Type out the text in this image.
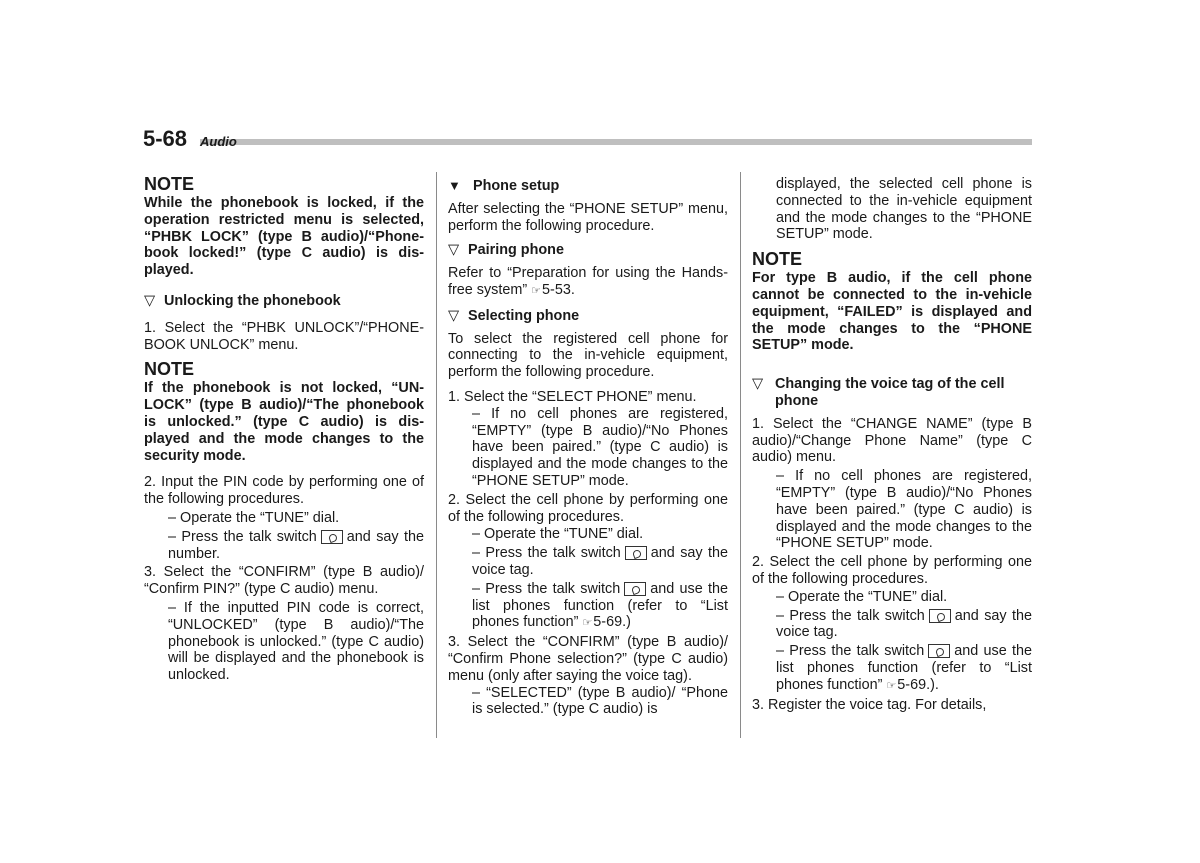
5-68 Audio
NOTE
While the phonebook is locked, if the operation restricted menu is selected, “PHBK LOCK” (type B audio)/“Phone-book locked!” (type C audio) is dis-played.
▽ Unlocking the phonebook
1. Select the “PHBK UNLOCK”/“PHONE-BOOK UNLOCK” menu.
NOTE
If the phonebook is not locked, “UN-LOCK” (type B audio)/“The phonebook is unlocked.” (type C audio) is dis-played and the mode changes to the security mode.
2. Input the PIN code by performing one of the following procedures.
– Operate the “TUNE” dial.
– Press the talk switch and say the number.
3. Select the “CONFIRM” (type B audio)/ “Confirm PIN?” (type C audio) menu.
– If the inputted PIN code is correct, “UNLOCKED” (type B audio)/“The phonebook is unlocked.” (type C audio) will be displayed and the phonebook is unlocked.
▼ Phone setup
After selecting the “PHONE SETUP” menu, perform the following procedure.
▽ Pairing phone
Refer to “Preparation for using the Hands-free system” ☞5-53.
▽ Selecting phone
To select the registered cell phone for connecting to the in-vehicle equipment, perform the following procedure.
1. Select the “SELECT PHONE” menu.
– If no cell phones are registered, “EMPTY” (type B audio)/“No Phones have been paired.” (type C audio) is displayed and the mode changes to the “PHONE SETUP” mode.
2. Select the cell phone by performing one of the following procedures.
– Operate the “TUNE” dial.
– Press the talk switch and say the voice tag.
– Press the talk switch and use the list phones function (refer to “List phones function” ☞5-69.)
3. Select the “CONFIRM” (type B audio)/ “Confirm Phone selection?” (type C audio) menu (only after saying the voice tag).
– “SELECTED” (type B audio)/ “Phone is selected.” (type C audio) is
displayed, the selected cell phone is connected to the in-vehicle equipment and the mode changes to the “PHONE SETUP” mode.
NOTE
For type B audio, if the cell phone cannot be connected to the in-vehicle equipment, “FAILED” is displayed and the mode changes to the “PHONE SETUP” mode.
▽ Changing the voice tag of the cell phone
1. Select the “CHANGE NAME” (type B audio)/“Change Phone Name” (type C audio) menu.
– If no cell phones are registered, “EMPTY” (type B audio)/“No Phones have been paired.” (type C audio) is displayed and the mode changes to the “PHONE SETUP” mode.
2. Select the cell phone by performing one of the following procedures.
– Operate the “TUNE” dial.
– Press the talk switch and say the voice tag.
– Press the talk switch and use the list phones function (refer to “List phones function” ☞5-69.).
3. Register the voice tag. For details,
